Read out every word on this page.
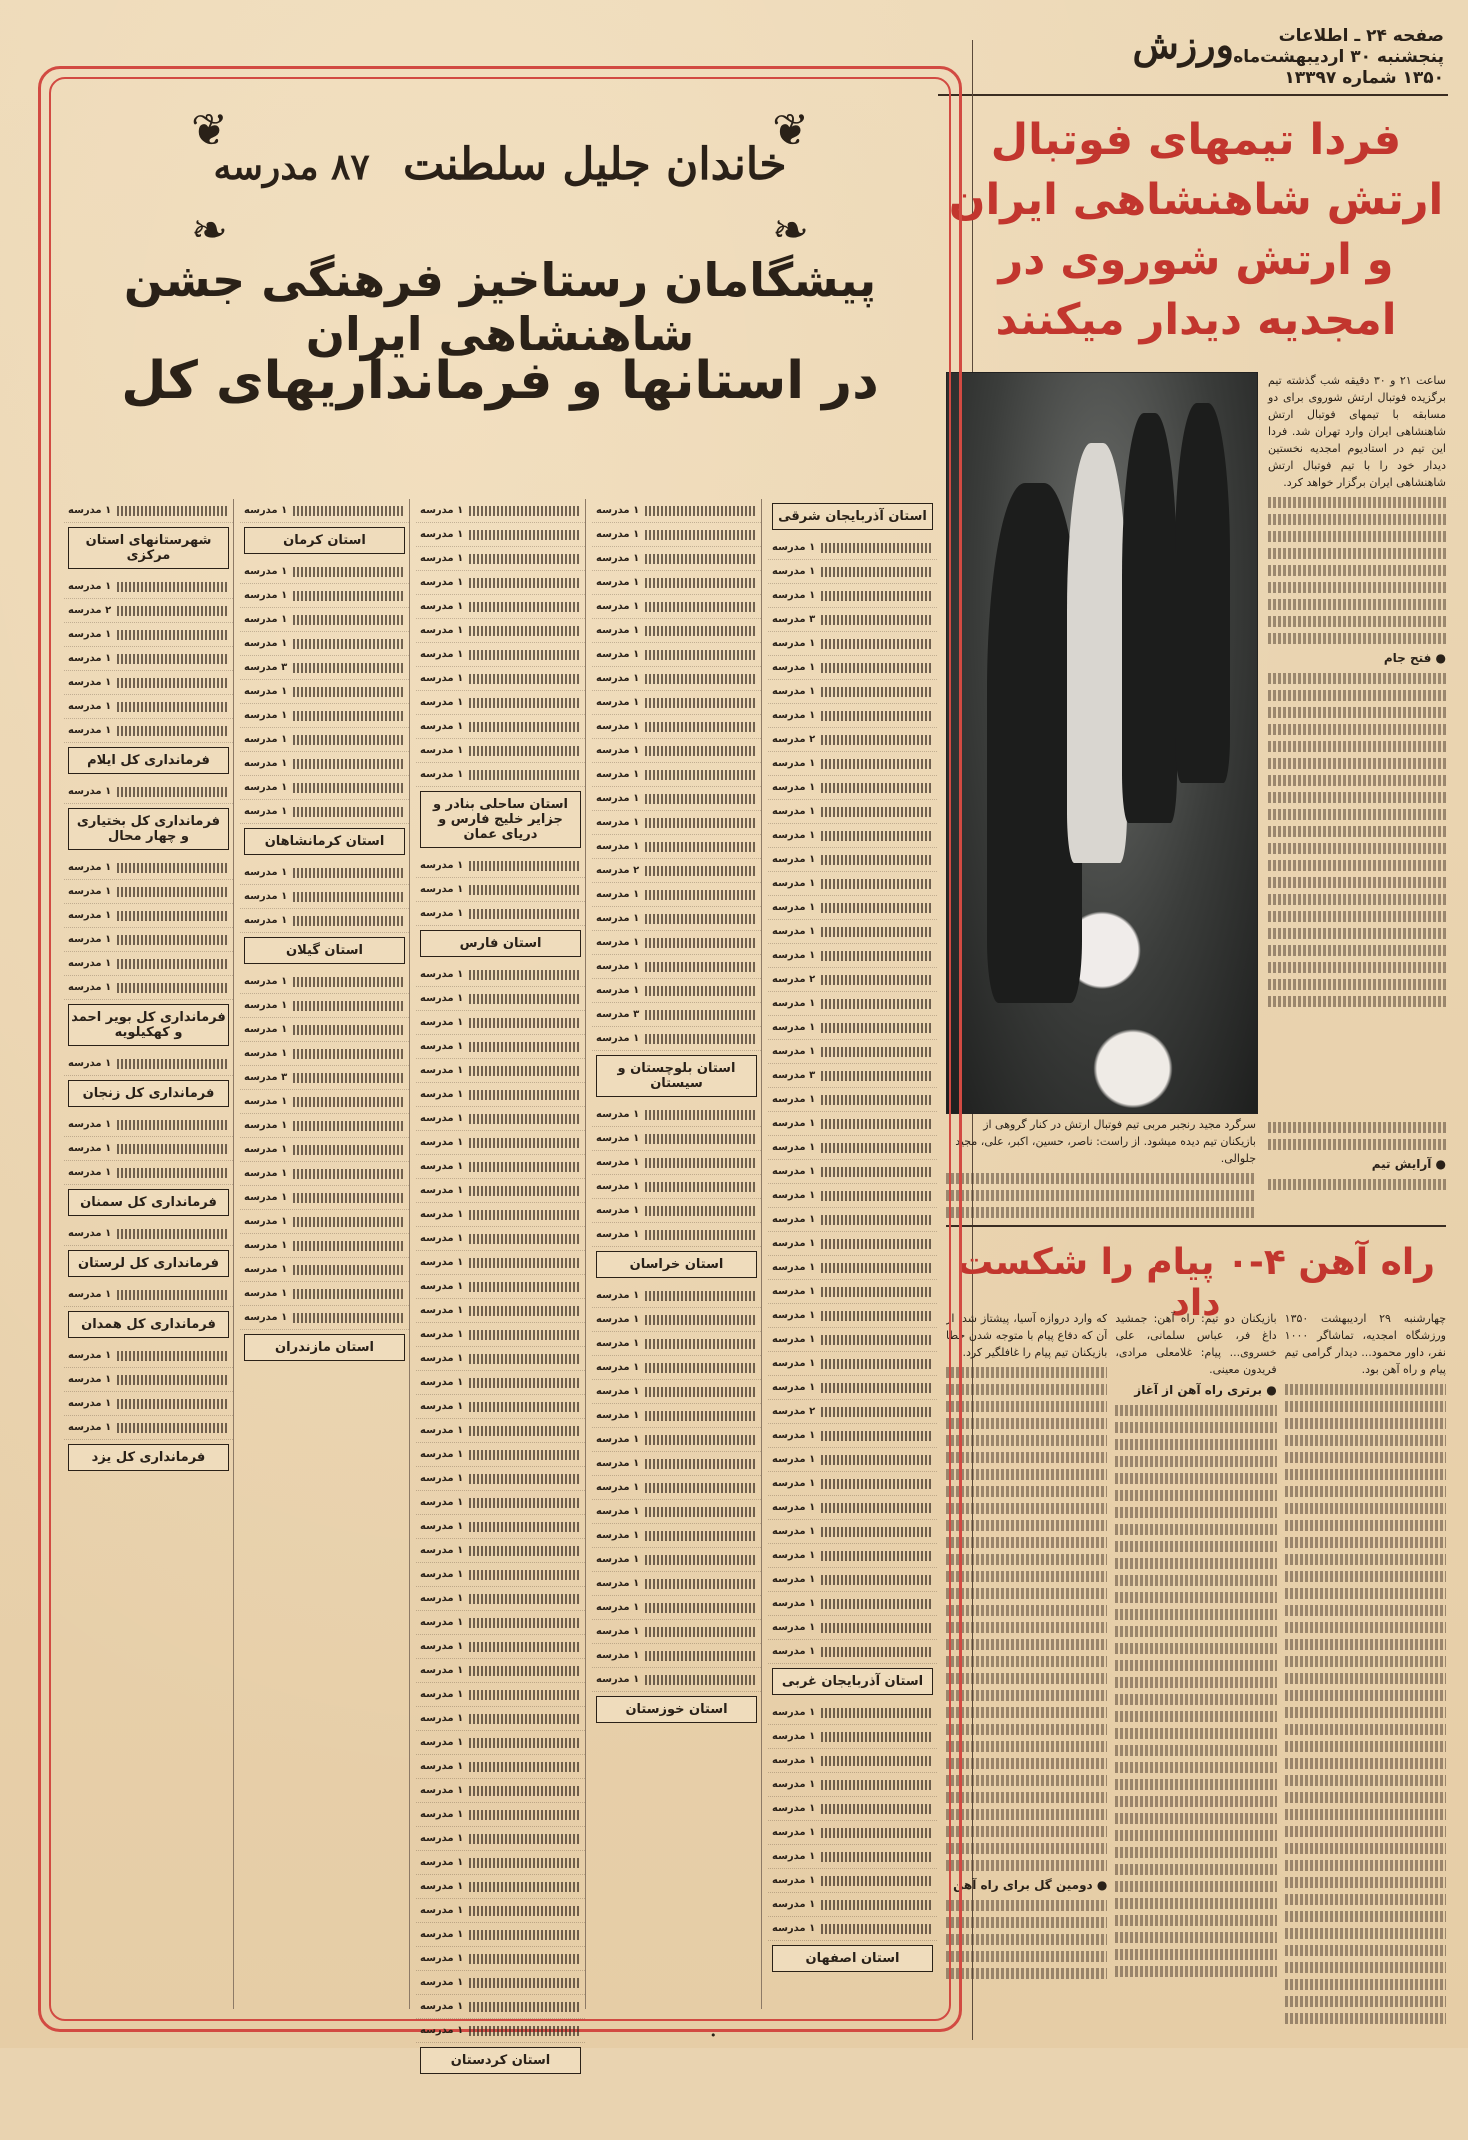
صفحه ۲۴ ـ اطلاعات
پنجشنبه ۳۰ اردیبهشت‌ماه
۱۳۵۰ شماره ۱۳۳۹۷
ورزش
فردا تیمهای فوتبال ارتش شاهنشاهی ایران و ارتش شوروی در امجدیه دیدار میکنند
ساعت ۲۱ و ۳۰ دقیقه شب گذشته تیم برگزیده فوتبال ارتش شوروی برای دو مسابقه با تیمهای فوتبال ارتش شاهنشاهی ایران وارد تهران شد. فردا این تیم در استادیوم امجدیه نخستین دیدار خود را با تیم فوتبال ارتش شاهنشاهی ایران برگزار خواهد کرد.
● فتح جام
سرگرد مجید رنجبر مربی تیم فوتبال ارتش در کنار گروهی از بازیکنان تیم دیده میشود. از راست: ناصر، حسین، اکبر، علی، مجید جلوالی.	● آرایش تیم
راه آهن ۴-۰ پیام را شکست داد	چهارشنبه ۲۹ اردیبهشت ۱۳۵۰ ورزشگاه امجدیه، تماشاگر ۱۰۰۰ نفر، داور محمود... دیدار گرامی تیم پیام و راه آهن بود.
بازیکنان دو تیم: راه آهن: جمشید داغ فر، عباس سلمانی، علی خسروی... پیام: غلامعلی مرادی، فریدون معینی.
● برتری راه آهن از آغاز
که وارد دروازه آسیا، پیشتاز شد. از آن که دفاع پیام با متوجه شدن خطا بازیکنان تیم پیام را غافلگیر کرد.
● دومین گل برای راه آهن
❦	❦
❧	❧
خاندان جلیل سلطنت ۸۷ مدرسه
پیشگامان رستاخیز فرهنگی جشن شاهنشاهی ایران
در استانها و فرمانداریهای کل
استان آذربایجان شرقی
۱ مدرسه
۱ مدرسه
۱ مدرسه
۳ مدرسه
۱ مدرسه
۱ مدرسه
۱ مدرسه
۱ مدرسه
۲ مدرسه
۱ مدرسه
۱ مدرسه
۱ مدرسه
۱ مدرسه
۱ مدرسه
۱ مدرسه
۱ مدرسه
۱ مدرسه
۱ مدرسه
۲ مدرسه
۱ مدرسه
۱ مدرسه
۱ مدرسه
۳ مدرسه
۱ مدرسه
۱ مدرسه
۱ مدرسه
۱ مدرسه
۱ مدرسه
۱ مدرسه
۱ مدرسه
۱ مدرسه
۱ مدرسه
۱ مدرسه
۱ مدرسه
۱ مدرسه
۱ مدرسه
۲ مدرسه
۱ مدرسه
۱ مدرسه
۱ مدرسه
۱ مدرسه
۱ مدرسه
۱ مدرسه
۱ مدرسه
۱ مدرسه
۱ مدرسه
۱ مدرسه
استان آذربایجان غربی
۱ مدرسه
۱ مدرسه
۱ مدرسه
۱ مدرسه
۱ مدرسه
۱ مدرسه
۱ مدرسه
۱ مدرسه
۱ مدرسه
۱ مدرسه
استان اصفهان
۱ مدرسه
۱ مدرسه
۱ مدرسه
۱ مدرسه
۱ مدرسه
۱ مدرسه
۱ مدرسه
۱ مدرسه
۱ مدرسه
۱ مدرسه
۱ مدرسه
۱ مدرسه
۱ مدرسه
۱ مدرسه
۱ مدرسه
۲ مدرسه
۱ مدرسه
۱ مدرسه
۱ مدرسه
۱ مدرسه
۱ مدرسه
۳ مدرسه
۱ مدرسه
استان بلوچستان و سیستان
۱ مدرسه
۱ مدرسه
۱ مدرسه
۱ مدرسه
۱ مدرسه
۱ مدرسه
استان خراسان
۱ مدرسه
۱ مدرسه
۱ مدرسه
۱ مدرسه
۱ مدرسه
۱ مدرسه
۱ مدرسه
۱ مدرسه
۱ مدرسه
۱ مدرسه
۱ مدرسه
۱ مدرسه
۱ مدرسه
۱ مدرسه
۱ مدرسه
۱ مدرسه
۱ مدرسه
استان خوزستان
۱ مدرسه
۱ مدرسه
۱ مدرسه
۱ مدرسه
۱ مدرسه
۱ مدرسه
۱ مدرسه
۱ مدرسه
۱ مدرسه
۱ مدرسه
۱ مدرسه
۱ مدرسه
استان ساحلی بنادر و جزایر خلیج فارس و دریای عمان
۱ مدرسه
۱ مدرسه
۱ مدرسه
استان فارس
۱ مدرسه
۱ مدرسه
۱ مدرسه
۱ مدرسه
۱ مدرسه
۱ مدرسه
۱ مدرسه
۱ مدرسه
۱ مدرسه
۱ مدرسه
۱ مدرسه
۱ مدرسه
۱ مدرسه
۱ مدرسه
۱ مدرسه
۱ مدرسه
۱ مدرسه
۱ مدرسه
۱ مدرسه
۱ مدرسه
۱ مدرسه
۱ مدرسه
۱ مدرسه
۱ مدرسه
۱ مدرسه
۱ مدرسه
۱ مدرسه
۱ مدرسه
۱ مدرسه
۱ مدرسه
۱ مدرسه
۱ مدرسه
۱ مدرسه
۱ مدرسه
۱ مدرسه
۱ مدرسه
۱ مدرسه
۱ مدرسه
۱ مدرسه
۱ مدرسه
۱ مدرسه
۱ مدرسه
۱ مدرسه
۱ مدرسه
۱ مدرسه
استان کردستان
۱ مدرسه
استان کرمان
۱ مدرسه
۱ مدرسه
۱ مدرسه
۱ مدرسه
۳ مدرسه
۱ مدرسه
۱ مدرسه
۱ مدرسه
۱ مدرسه
۱ مدرسه
۱ مدرسه
استان کرمانشاهان
۱ مدرسه
۱ مدرسه
۱ مدرسه
استان گیلان
۱ مدرسه
۱ مدرسه
۱ مدرسه
۱ مدرسه
۳ مدرسه
۱ مدرسه
۱ مدرسه
۱ مدرسه
۱ مدرسه
۱ مدرسه
۱ مدرسه
۱ مدرسه
۱ مدرسه
۱ مدرسه
۱ مدرسه
استان مازندران
۱ مدرسه
شهرستانهای استان مرکزی
۱ مدرسه
۲ مدرسه
۱ مدرسه
۱ مدرسه
۱ مدرسه
۱ مدرسه
۱ مدرسه
فرمانداری کل ایلام
۱ مدرسه
فرمانداری کل بختیاری و چهار محال
۱ مدرسه
۱ مدرسه
۱ مدرسه
۱ مدرسه
۱ مدرسه
۱ مدرسه
فرمانداری کل بویر احمد و کهکیلویه
۱ مدرسه
فرمانداری کل زنجان
۱ مدرسه
۱ مدرسه
۱ مدرسه
فرمانداری کل سمنان
۱ مدرسه
فرمانداری کل لرستان
۱ مدرسه
فرمانداری کل همدان
۱ مدرسه
۱ مدرسه
۱ مدرسه
۱ مدرسه
فرمانداری کل یزد
•
